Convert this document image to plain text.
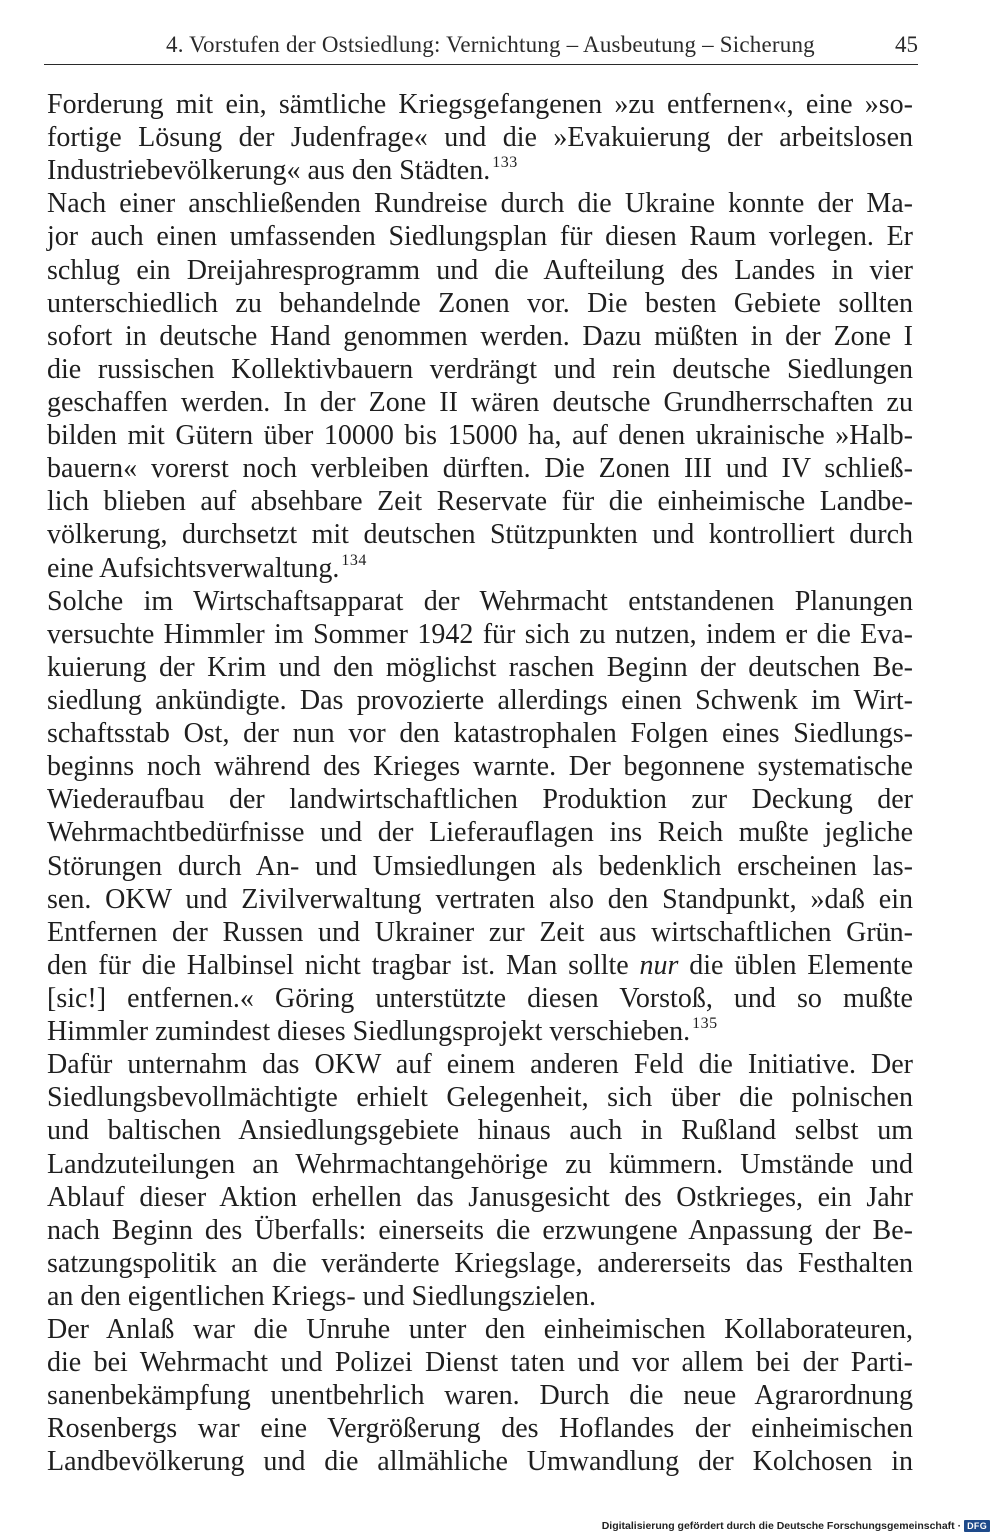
4. Vorstufen der Ostsiedlung: Vernichtung – Ausbeutung – Sicherung	45
Forderung mit ein, sämtliche Kriegsgefangenen »zu entfernen«, eine »so-
fortige Lösung der Judenfrage« und die »Evakuierung der arbeitslosen
Industriebevölkerung« aus den Städten. $^{133}$
Nach einer anschließenden Rundreise durch die Ukraine konnte der Ma-
jor auch einen umfassenden Siedlungsplan für diesen Raum vorlegen. Er
schlug ein Dreijahresprogramm und die Aufteilung des Landes in vier
unterschiedlich zu behandelnde Zonen vor. Die besten Gebiete sollten
sofort in deutsche Hand genommen werden. Dazu müßten in der Zone I
die russischen Kollektivbauern verdrängt und rein deutsche Siedlungen
geschaffen werden. In der Zone II wären deutsche Grundherrschaften zu
bilden mit Gütern über 10000 bis 15000 ha, auf denen ukrainische »Halb-
bauern« vorerst noch verbleiben dürften. Die Zonen III und IV schließ-
lich blieben auf absehbare Zeit Reservate für die einheimische Landbe-
völkerung, durchsetzt mit deutschen Stützpunkten und kontrolliert durch
eine Aufsichtsverwaltung. $^{134}$
Solche im Wirtschaftsapparat der Wehrmacht entstandenen Planungen
versuchte Himmler im Sommer 1942 für sich zu nutzen, indem er die Eva-
kuierung der Krim und den möglichst raschen Beginn der deutschen Be-
siedlung ankündigte. Das provozierte allerdings einen Schwenk im Wirt-
schaftsstab Ost, der nun vor den katastrophalen Folgen eines Siedlungs-
beginns noch während des Krieges warnte. Der begonnene systematische
Wiederaufbau der landwirtschaftlichen Produktion zur Deckung der
Wehrmachtbedürfnisse und der Lieferauflagen ins Reich mußte jegliche
Störungen durch An- und Umsiedlungen als bedenklich erscheinen las-
sen. OKW und Zivilverwaltung vertraten also den Standpunkt, »daß ein
Entfernen der Russen und Ukrainer zur Zeit aus wirtschaftlichen Grün-
den für die Halbinsel nicht tragbar ist. Man sollte nur die üblen Elemente
[sic!] entfernen.« Göring unterstützte diesen Vorstoß, und so mußte
Himmler zumindest dieses Siedlungsprojekt verschieben. $^{135}$
Dafür unternahm das OKW auf einem anderen Feld die Initiative. Der
Siedlungsbevollmächtigte erhielt Gelegenheit, sich über die polnischen
und baltischen Ansiedlungsgebiete hinaus auch in Rußland selbst um
Landzuteilungen an Wehrmachtangehörige zu kümmern. Umstände und
Ablauf dieser Aktion erhellen das Janusgesicht des Ostkrieges, ein Jahr
nach Beginn des Überfalls: einerseits die erzwungene Anpassung der Be-
satzungspolitik an die veränderte Kriegslage, andererseits das Festhalten
an den eigentlichen Kriegs- und Siedlungszielen.
Der Anlaß war die Unruhe unter den einheimischen Kollaborateuren,
die bei Wehrmacht und Polizei Dienst taten und vor allem bei der Parti-
sanenbekämpfung unentbehrlich waren. Durch die neue Agrarordnung
Rosenbergs war eine Vergrößerung des Hoflandes der einheimischen
Landbevölkerung und die allmähliche Umwandlung der Kolchosen in
Digitalisierung gefördert durch die Deutsche Forschungsgemeinschaft · DFG
